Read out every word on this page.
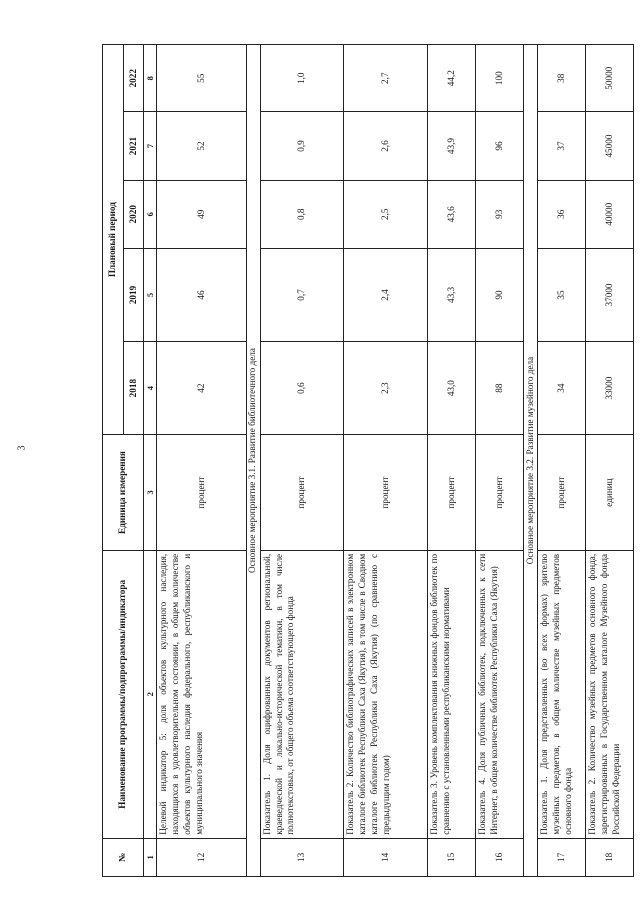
3
№	Наименование программы/подпрограммы/индикатора	Единица измерения	Плановый период				
			2018	2019	2020	2021	2022
1	2	3	4	5	6	7	8
12	Целевой индикатор 5: доля объектов культурного наследия, находящихся в удовлетворительном состоянии, в общем количестве объектов культурного наследия федерального, республиканского и муниципального значения	процент	42	46	49	52	55
Основное мероприятие 3.1. Развитие библиотечного дела							
13	Показатель 1. Доля оцифрованных документов региональной, краеведческой и локально-исторической тематики, в том числе полнотекстовых, от общего объема соответствующего фонда	процент	0,6	0,7	0,8	0,9	1,0
14	Показатель 2. Количество библиографических записей в электронном каталоге библиотек Республики Саха (Якутия), в том числе в Сводном каталоге библиотек Республики Саха (Якутия) (по сравнению с предыдущим годом)	процент	2,3	2,4	2,5	2,6	2,7
15	Показатель 3. Уровень комплектования книжных фондов библиотек по сравнению с установленными республиканскими нормативами	процент	43,0	43,3	43,6	43,9	44,2
16	Показатель 4. Доля публичных библиотек, подключенных к сети Интернет, в общем количестве библиотек Республики Саха (Якутия)	процент	88	90	93	96	100
Основное мероприятие 3.2. Развитие музейного дела							
17	Показатель 1. Доля представленных (во всех формах) зрителю музейных предметов, в общем количестве музейных предметов основного фонда	процент	34	35	36	37	38
18	Показатель 2. Количество музейных предметов основного фонда, зарегистрированных в Государственном каталоге Музейного фонда Российской Федерации	единиц	33000	37000	40000	45000	50000
